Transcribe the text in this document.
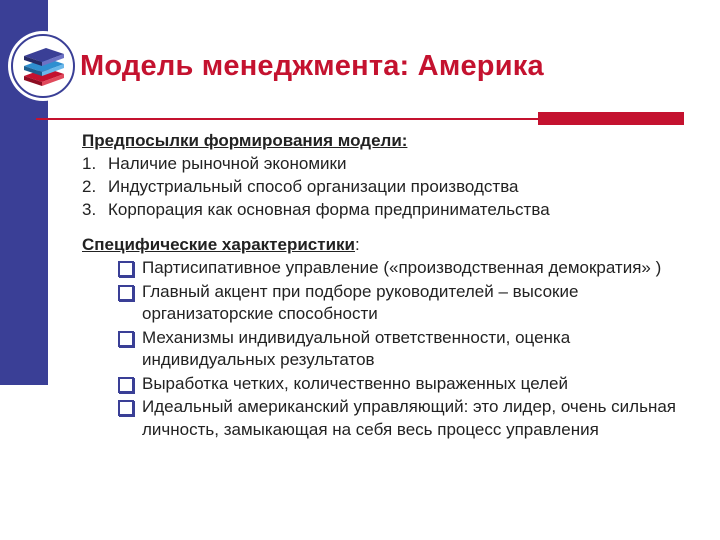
Модель менеджмента: Америка

Предпосылки формирования модели:

1. Наличие рыночной экономики
2. Индустриальный способ организации производства
3. Корпорация как основная форма предпринимательства

Специфические характеристики:

Партисипативное управление («производственная демократия» )
Главный акцент при подборе руководителей – высокие организаторские способности
Механизмы индивидуальной ответственности, оценка индивидуальных результатов
Выработка четких, количественно выраженных целей
Идеальный американский управляющий: это лидер, очень сильная личность, замыкающая на себя весь процесс управления
